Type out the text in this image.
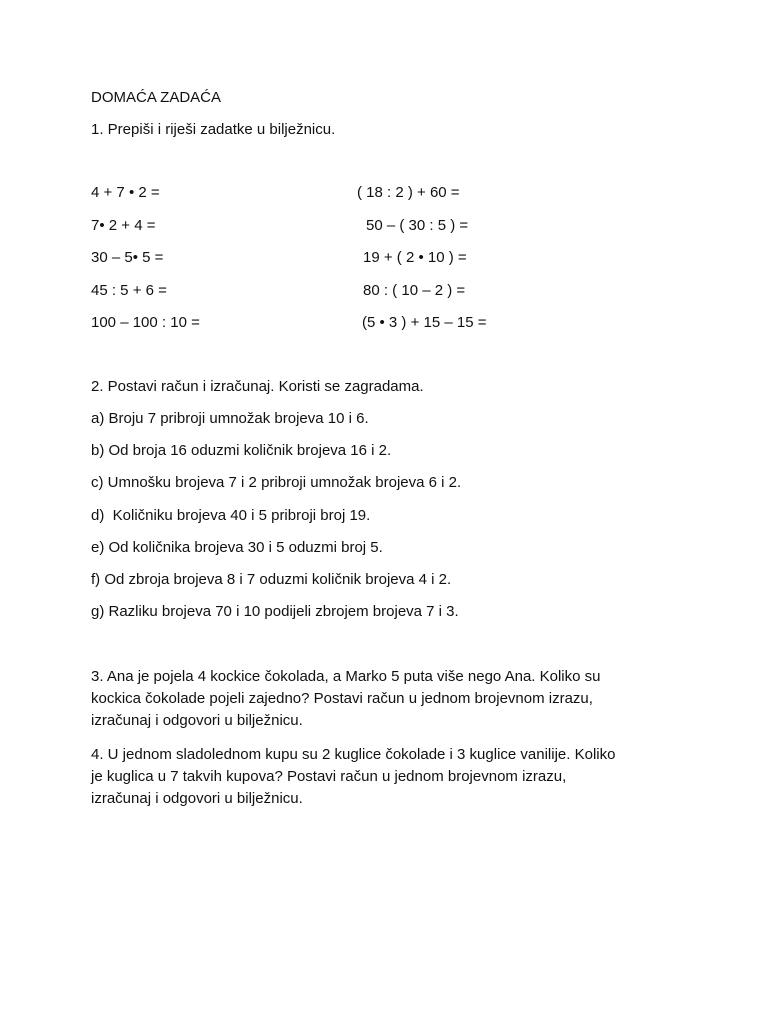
DOMAĆA ZADAĆA
1. Prepiši i riješi zadatke u bilježnicu.
4 + 7 • 2 =
7• 2 + 4 =
30 – 5• 5 =
45 : 5 + 6 =
100 – 100 : 10 =
( 18 : 2 ) + 60 =
50 – ( 30 : 5 ) =
19 + ( 2 • 10 ) =
80 : ( 10 – 2 ) =
(5 • 3 ) + 15 – 15 =
2. Postavi račun i izračunaj. Koristi se zagradama.
a) Broju 7 pribroji umnožak brojeva 10 i 6.
b) Od broja 16 oduzmi količnik brojeva 16 i 2.
c) Umnošku brojeva 7 i 2 pribroji umnožak brojeva 6 i 2.
d)  Količniku brojeva 40 i 5 pribroji broj 19.
e) Od količnika brojeva 30 i 5 oduzmi broj 5.
f) Od zbroja brojeva 8 i 7 oduzmi količnik brojeva 4 i 2.
g) Razliku brojeva 70 i 10 podijeli zbrojem brojeva 7 i 3.
3. Ana je pojela 4 kockice čokolada, a Marko 5 puta više nego Ana. Koliko su
kockica čokolade pojeli zajedno? Postavi račun u jednom brojevnom izrazu,
izračunaj i odgovori u bilježnicu.
4. U jednom sladolednom kupu su 2 kuglice čokolade i 3 kuglice vanilije. Koliko
je kuglica u 7 takvih kupova? Postavi račun u jednom brojevnom izrazu,
izračunaj i odgovori u bilježnicu.
